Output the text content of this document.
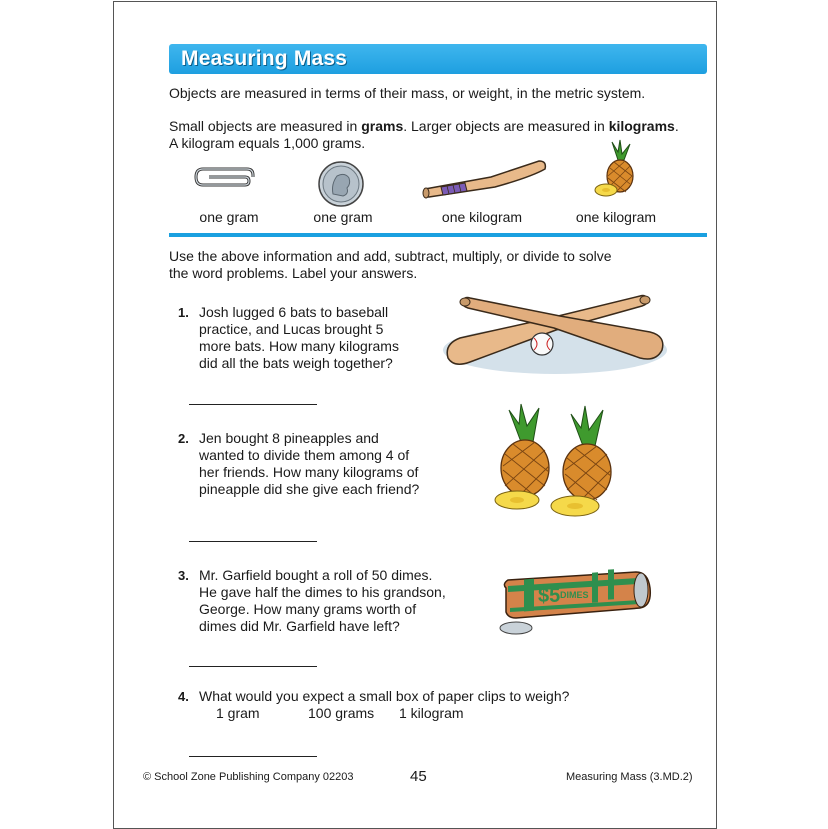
Measuring Mass
Objects are measured in terms of their mass, or weight, in the metric system.
Small objects are measured in grams. Larger objects are measured in kilograms.
A kilogram equals 1,000 grams.
one gram	one gram	one kilogram	one kilogram
Use the above information and add, subtract, multiply, or divide to solve
the word problems. Label your answers.
1. Josh lugged 6 bats to baseball
practice, and Lucas brought 5
more bats. How many kilograms
did all the bats weigh together?
2. Jen bought 8 pineapples and
wanted to divide them among 4 of
her friends. How many kilograms of
pineapple did she give each friend?
3. Mr. Garfield bought a roll of 50 dimes.
He gave half the dimes to his grandson,
George. How many grams worth of
dimes did Mr. Garfield have left?
$5 DIMES
4. What would you expect a small box of paper clips to weigh?
1 gram	100 grams 1 kilogram
© School Zone Publishing Company 02203	45	Measuring Mass (3.MD.2)
